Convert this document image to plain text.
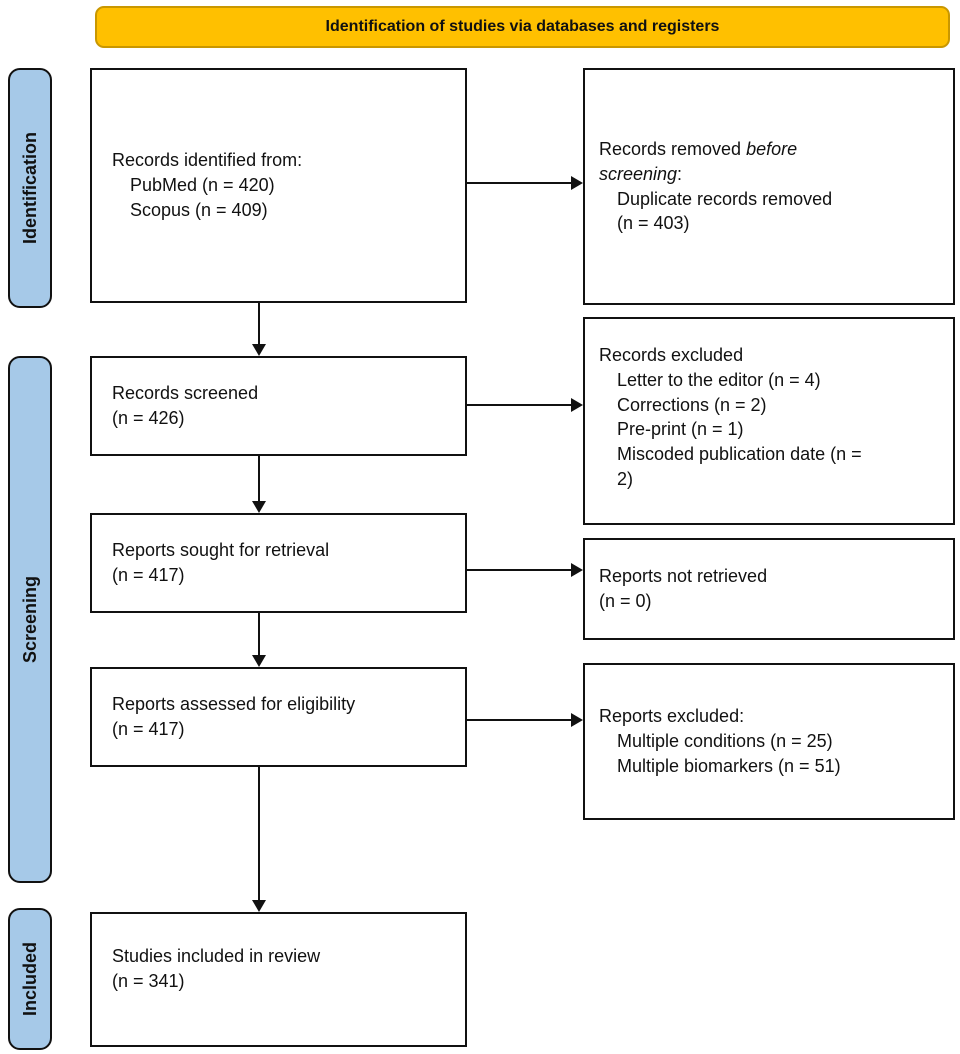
Identification of studies via databases and registers
Identification
Screening
Included
Records identified from:
PubMed (n = 420)
Scopus (n = 409)
Records screened
(n = 426)
Reports sought for retrieval
(n = 417)
Reports assessed for eligibility
(n = 417)
Studies included in review
(n = 341)
Records removed before screening:
Duplicate records removed
(n = 403)
Records excluded
Letter to the editor (n = 4)
Corrections (n = 2)
Pre-print (n = 1)
Miscoded publication date (n = 2)
Reports not retrieved
(n = 0)
Reports excluded:
Multiple conditions (n = 25)
Multiple biomarkers (n = 51)
